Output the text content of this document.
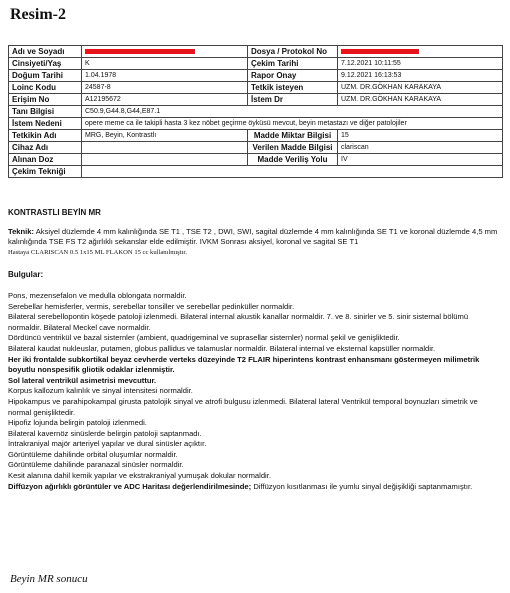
Resim-2
Adı ve Soyadı		Dosya / Protokol No	
Cinsiyeti/Yaş	K	Çekim Tarihi	7.12.2021 10:11:55
Doğum Tarihi	1.04.1978	Rapor Onay	9.12.2021 16:13:53
Loinc Kodu	24587-8	Tetkik isteyen	UZM. DR.GÖKHAN KARAKAYA
Erişim No	A12195672	İstem Dr	UZM. DR.GÖKHAN KARAKAYA
Tanı Bilgisi	C50.9,G44.8,G44,E87.1		
İstem Nedeni	opere meme ca ile takipli hasta 3 kez nöbet geçirme öyküsü mevcut, beyin metastazı ve diğer patolojiler		
Tetkikin Adı	MRG, Beyin, Kontrastlı	Madde Miktar Bilgisi	15
Cihaz Adı		Verilen Madde Bilgisi	clariscan
Alınan Doz		Madde Veriliş Yolu	IV
Çekim Tekniği			

KONTRASTLI BEYİN MR

Teknik: Aksiyel düzlemde 4 mm kalınlığında SE T1 , TSE T2 , DWI, SWI, sagital düzlemde 4 mm kalınlığında SE T1 ve koronal düzlemde 4,5 mm kalınlığında TSE FS T2 ağırlıklı sekanslar elde edilmiştir. IVKM Sonrası aksiyel, koronal ve sagital SE T1

Hastaya CLARISCAN 0.5 1x15 ML FLAKON 15 cc kullanılmıştır.

Bulgular:

Pons, mezensefalon ve medulla oblongata normaldir.

Serebellar hemisferler, vermis, serebellar tonsiller ve serebellar pedinküller normaldir.

Bilateral serebellopontin köşede patoloji izlenmedi. Bilateral internal akustik kanallar normaldir. 7. ve 8. sinirler ve 5. sinir sisternal bölümü normaldir. Bilateral Meckel cave normaldir.

Dördüncü ventrikül ve bazal sisternler (ambient, quadrigeminal ve suprasellar sisternler) normal şekil ve genişliktedir.

Bilateral kaudat nukleuslar, putamen, globus pallidus ve talamuslar normaldir. Bilateral internal ve eksternal kapsüller normaldir.

Her iki frontalde subkortikal beyaz cevherde verteks düzeyinde T2 FLAIR hiperintens kontrast enhansmanı göstermeyen milimetrik boyutlu nonspesifik gliotik odaklar izlenmiştir.

Sol lateral ventrikül asimetrisi mevcuttur.

Korpus kallozum kalınlık ve sinyal intensitesi normaldir.

Hipokampus ve parahipokampal girusta patolojik sinyal ve atrofi bulgusu izlenmedi. Bilateral lateral Ventrikül temporal boynuzları simetrik ve normal genişliktedir.

Hipofiz lojunda belirgin patoloji izlenmedi.

Bilateral kavernöz sinüslerde belirgin patoloji saptanmadı.

İntrakraniyal majör arteriyel yapılar ve dural sinüsler açıktır.

Görüntüleme dahilinde orbital oluşumlar normaldir.

Görüntüleme dahilinde paranazal sinüsler normaldir.

Kesit alanına dahil kemik yapılar ve ekstrakraniyal yumuşak dokular normaldir.

Diffüzyon ağırlıklı görüntüler ve ADC Haritası değerlendirilmesinde; Diffüzyon kısıtlanması ile yumlu sinyal değişikliği saptanmamıştır.

Beyin MR sonucu
